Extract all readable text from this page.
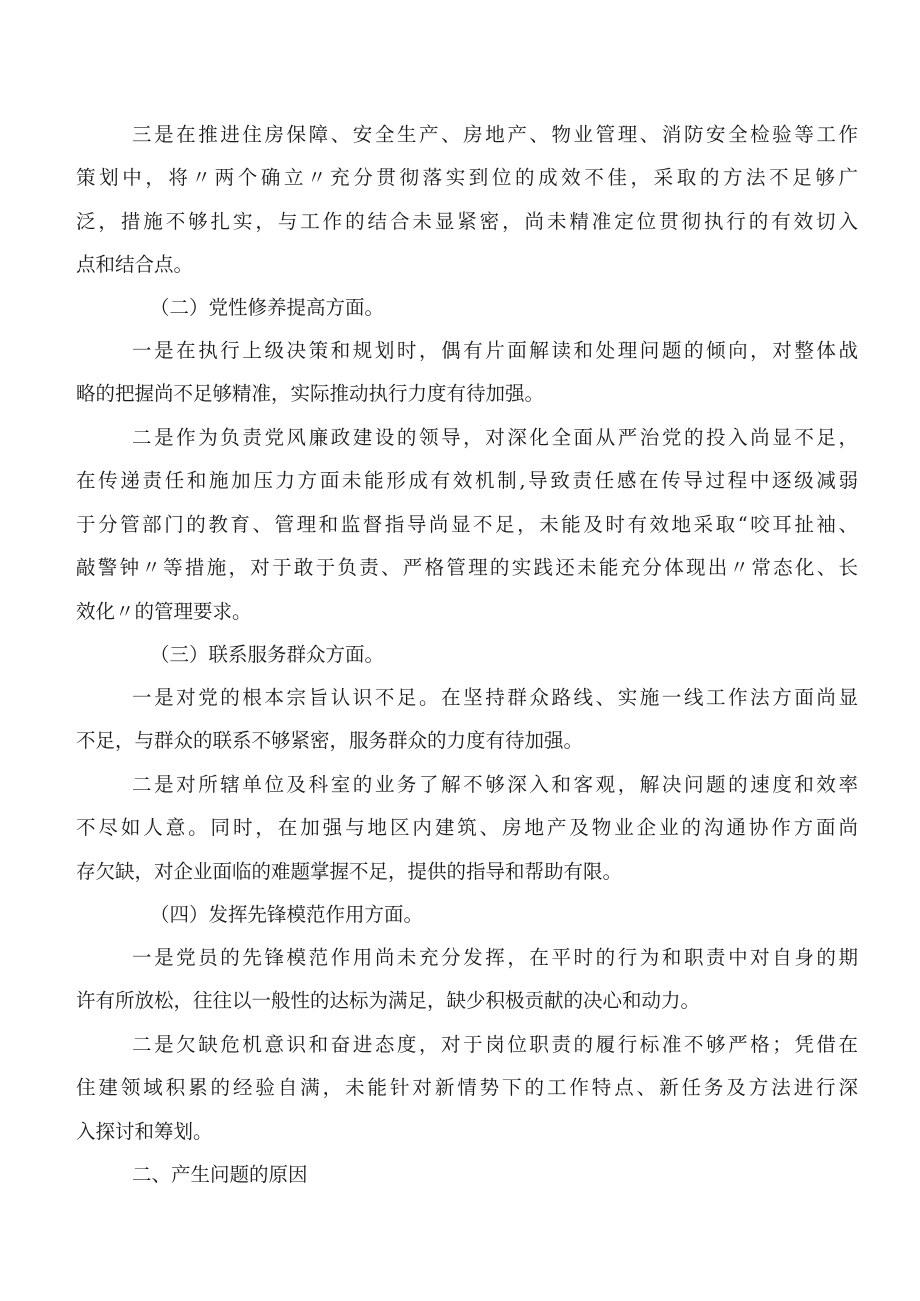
三是在推进住房保障、安全生产、房地产、物业管理、消防安全检验等工作
策划中，将〃两个确立〃充分贯彻落实到位的成效不佳，采取的方法不足够广
泛，措施不够扎实，与工作的结合未显紧密，尚未精准定位贯彻执行的有效切入
点和结合点。

（二）党性修养提高方面。

一是在执行上级决策和规划时，偶有片面解读和处理问题的倾向，对整体战
略的把握尚不足够精准，实际推动执行力度有待加强。

二是作为负责党风廉政建设的领导，对深化全面从严治党的投入尚显不足，
在传递责任和施加压力方面未能形成有效机制,导致责任感在传导过程中逐级减弱
于分管部门的教育、管理和监督指导尚显不足，未能及时有效地采取“咬耳扯袖、
敲警钟〃等措施，对于敢于负责、严格管理的实践还未能充分体现出〃常态化、长
效化〃的管理要求。

（三）联系服务群众方面。

一是对党的根本宗旨认识不足。在坚持群众路线、实施一线工作法方面尚显
不足，与群众的联系不够紧密，服务群众的力度有待加强。

二是对所辖单位及科室的业务了解不够深入和客观，解决问题的速度和效率
不尽如人意。同时，在加强与地区内建筑、房地产及物业企业的沟通协作方面尚
存欠缺，对企业面临的难题掌握不足，提供的指导和帮助有限。

（四）发挥先锋模范作用方面。

一是党员的先锋模范作用尚未充分发挥，在平时的行为和职责中对自身的期
许有所放松，往往以一般性的达标为满足，缺少积极贡献的决心和动力。

二是欠缺危机意识和奋进态度，对于岗位职责的履行标准不够严格；凭借在
住建领域积累的经验自满，未能针对新情势下的工作特点、新任务及方法进行深
入探讨和筹划。

二、产生问题的原因
